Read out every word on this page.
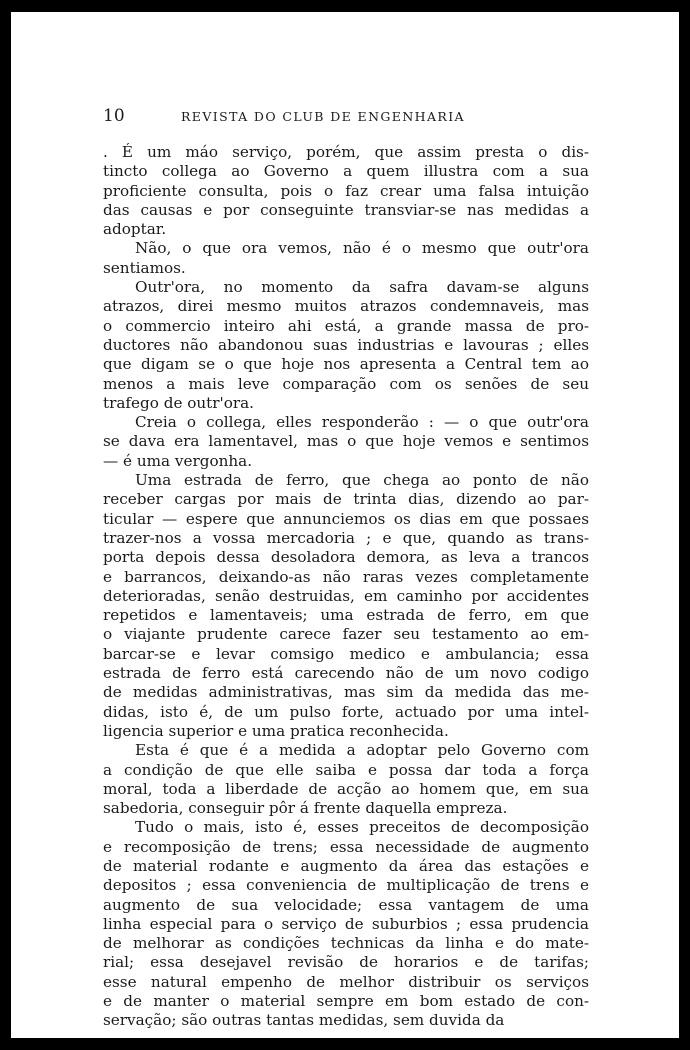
10	REVISTA DO CLUB DE ENGENHARIA
. É um máo serviço, porém, que assim presta o dis-
tincto collega ao Governo a quem illustra com a sua
proficiente consulta, pois o faz crear uma falsa intuição
das causas e por conseguinte transviar-se nas medidas a
adoptar.
Não, o que ora vemos, não é o mesmo que outr'ora
sentiamos.
Outr'ora, no momento da safra davam-se alguns
atrazos, direi mesmo muitos atrazos condemnaveis, mas
o commercio inteiro ahi está, a grande massa de pro-
ductores não abandonou suas industrias e lavouras ; elles
que digam se o que hoje nos apresenta a Central tem ao
menos a mais leve comparação com os senões de seu
trafego de outr'ora.
Creia o collega, elles responderão : — o que outr'ora
se dava era lamentavel, mas o que hoje vemos e sentimos
— é uma vergonha.
Uma estrada de ferro, que chega ao ponto de não
receber cargas por mais de trinta dias, dizendo ao par-
ticular — espere que annunciemos os dias em que possaes
trazer-nos a vossa mercadoria ; e que, quando as trans-
porta depois dessa desoladora demora, as leva a trancos
e barrancos, deixando-as não raras vezes completamente
deterioradas, senão destruidas, em caminho por accidentes
repetidos e lamentaveis; uma estrada de ferro, em que
o viajante prudente carece fazer seu testamento ao em-
barcar-se e levar comsigo medico e ambulancia; essa
estrada de ferro está carecendo não de um novo codigo
de medidas administrativas, mas sim da medida das me-
didas, isto é, de um pulso forte, actuado por uma intel-
ligencia superior e uma pratica reconhecida.
Esta é que é a medida a adoptar pelo Governo com
a condição de que elle saiba e possa dar toda a força
moral, toda a liberdade de acção ao homem que, em sua
sabedoria, conseguir pôr á frente daquella empreza.
Tudo o mais, isto é, esses preceitos de decomposição
e recomposição de trens; essa necessidade de augmento
de material rodante e augmento da área das estações e
depositos ; essa conveniencia de multiplicação de trens e
augmento de sua velocidade; essa vantagem de uma
linha especial para o serviço de suburbios ; essa prudencia
de melhorar as condições technicas da linha e do mate-
rial; essa desejavel revisão de horarios e de tarifas;
esse natural empenho de melhor distribuir os serviços
e de manter o material sempre em bom estado de con-
servação; são outras tantas medidas, sem duvida da
